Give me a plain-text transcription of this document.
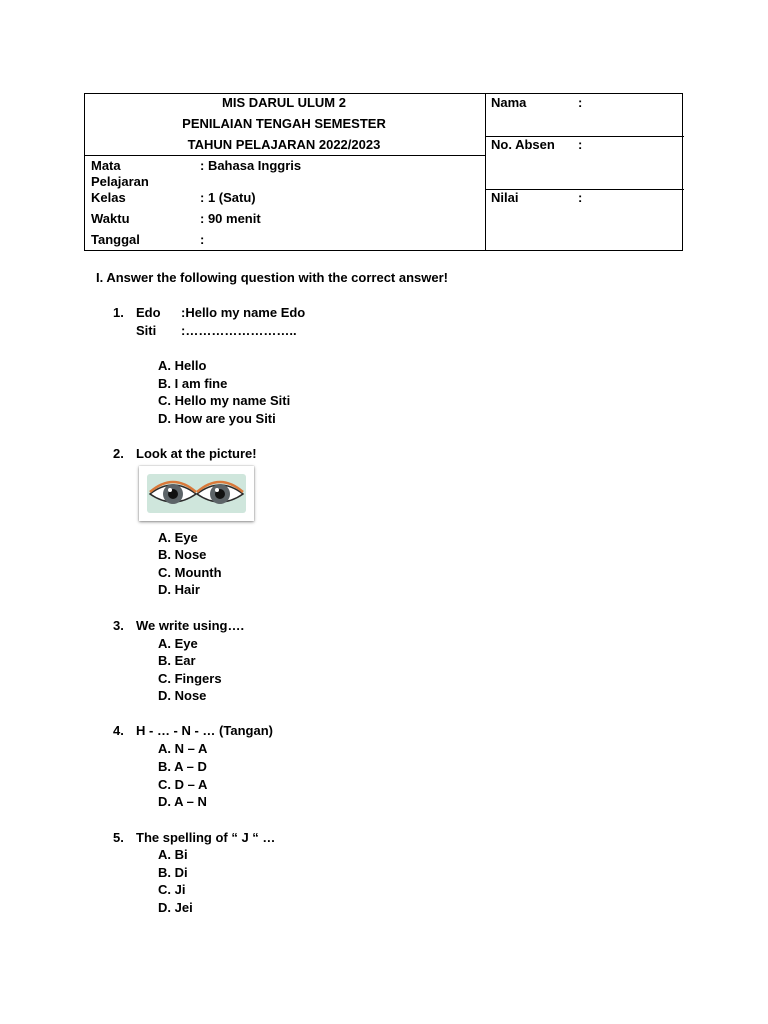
MIS DARUL ULUM 2
PENILAIAN TENGAH SEMESTER
TAHUN PELAJARAN 2022/2023
Mata
Pelajaran
: Bahasa Inggris
Kelas	: 1 (Satu)
Waktu	: 90 menit
Tanggal	:
Nama	:
No. Absen :
Nilai	:
I. Answer the following question with the correct answer!
1. Edo :Hello my name Edo
Siti :……………………..
A. Hello
B. I am fine
C. Hello my name Siti
D. How are you Siti
2. Look at the picture!
A. Eye
B. Nose
C. Mounth
D. Hair
3. We write using….
A. Eye
B. Ear
C. Fingers
D. Nose
4. H - … - N - … (Tangan)
A. N – A
B. A – D
C. D – A
D. A – N
5. The spelling of “ J “ …
A. Bi
B. Di
C. Ji
D. Jei
